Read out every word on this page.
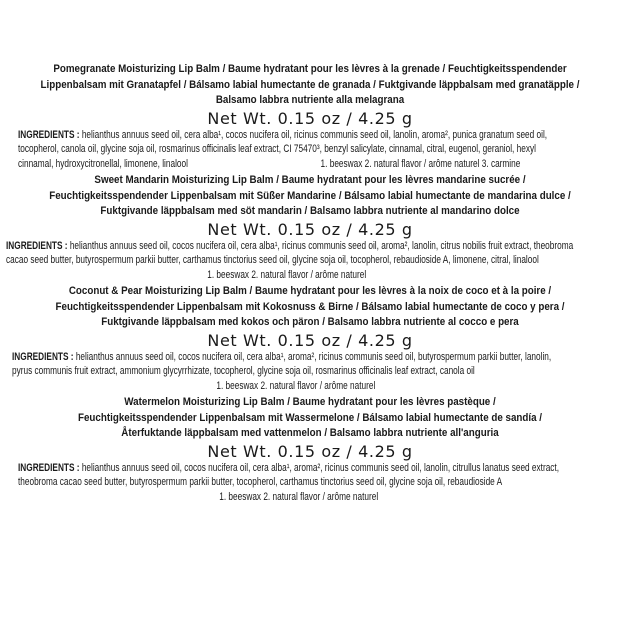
Pomegranate Moisturizing Lip Balm / Baume hydratant pour les lèvres à la grenade / Feuchtigkeitsspendender
Lippenbalsam mit Granatapfel / Bálsamo labial humectante de granada / Fuktgivande läppbalsam med granatäpple /
Balsamo labbra nutriente alla melagrana
Net Wt. 0.15 oz / 4.25 g
INGREDIENTS : helianthus annuus seed oil, cera alba¹, cocos nucifera oil, ricinus communis seed oil, lanolin, aroma², punica granatum seed oil,
tocopherol, canola oil, glycine soja oil, rosmarinus officinalis leaf extract, CI 75470³, benzyl salicylate, cinnamal, citral, eugenol, geraniol, hexyl
cinnamal, hydroxycitronellal, limonene, linalool	1. beeswax 2. natural flavor / arôme naturel 3. carmine
Sweet Mandarin Moisturizing Lip Balm / Baume hydratant pour les lèvres mandarine sucrée /
Feuchtigkeitsspendender Lippenbalsam mit Süßer Mandarine / Bálsamo labial humectante de mandarina dulce /
Fuktgivande läppbalsam med söt mandarin / Balsamo labbra nutriente al mandarino dolce
Net Wt. 0.15 oz / 4.25 g
INGREDIENTS : helianthus annuus seed oil, cocos nucifera oil, cera alba¹, ricinus communis seed oil, aroma², lanolin, citrus nobilis fruit extract, theobroma
cacao seed butter, butyrospermum parkii butter, carthamus tinctorius seed oil, glycine soja oil, tocopherol, rebaudioside A, limonene, citral, linalool
1. beeswax 2. natural flavor / arôme naturel
Coconut & Pear Moisturizing Lip Balm / Baume hydratant pour les lèvres à la noix de coco et à la poire /
Feuchtigkeitsspendender Lippenbalsam mit Kokosnuss & Birne / Bálsamo labial humectante de coco y pera /
Fuktgivande läppbalsam med kokos och päron / Balsamo labbra nutriente al cocco e pera
Net Wt. 0.15 oz / 4.25 g
INGREDIENTS : helianthus annuus seed oil, cocos nucifera oil, cera alba¹, aroma², ricinus communis seed oil, butyrospermum parkii butter, lanolin,
pyrus communis fruit extract, ammonium glycyrrhizate, tocopherol, glycine soja oil, rosmarinus officinalis leaf extract, canola oil
1. beeswax 2. natural flavor / arôme naturel
Watermelon Moisturizing Lip Balm / Baume hydratant pour les lèvres pastèque /
Feuchtigkeitsspendender Lippenbalsam mit Wassermelone / Bálsamo labial humectante de sandía /
Återfuktande läppbalsam med vattenmelon / Balsamo labbra nutriente all'anguria
Net Wt. 0.15 oz / 4.25 g
INGREDIENTS : helianthus annuus seed oil, cocos nucifera oil, cera alba¹, aroma², ricinus communis seed oil, lanolin, citrullus lanatus seed extract,
theobroma cacao seed butter, butyrospermum parkii butter, tocopherol, carthamus tinctorius seed oil, glycine soja oil, rebaudioside A
1. beeswax 2. natural flavor / arôme naturel
